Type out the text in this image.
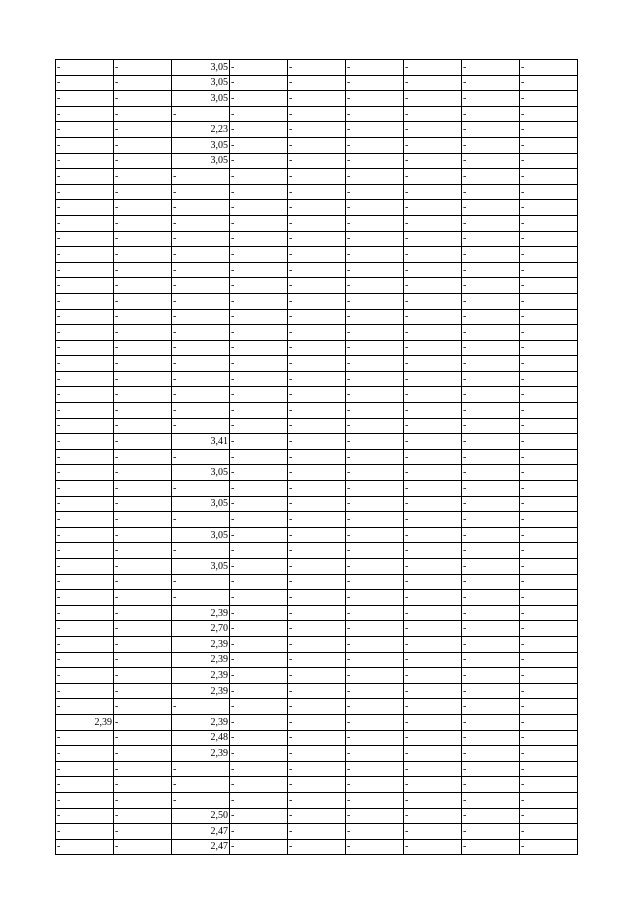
-	-	3,05	-	-	-	-	-	-
-	-	3,05	-	-	-	-	-	-
-	-	3,05	-	-	-	-	-	-
-	-	-	-	-	-	-	-	-
-	-	2,23	-	-	-	-	-	-
-	-	3,05	-	-	-	-	-	-
-	-	3,05	-	-	-	-	-	-
-	-	-	-	-	-	-	-	-
-	-	-	-	-	-	-	-	-
-	-	-	-	-	-	-	-	-
-	-	-	-	-	-	-	-	-
-	-	-	-	-	-	-	-	-
-	-	-	-	-	-	-	-	-
-	-	-	-	-	-	-	-	-
-	-	-	-	-	-	-	-	-
-	-	-	-	-	-	-	-	-
-	-	-	-	-	-	-	-	-
-	-	-	-	-	-	-	-	-
-	-	-	-	-	-	-	-	-
-	-	-	-	-	-	-	-	-
-	-	-	-	-	-	-	-	-
-	-	-	-	-	-	-	-	-
-	-	-	-	-	-	-	-	-
-	-	-	-	-	-	-	-	-
-	-	3,41	-	-	-	-	-	-
-	-	-	-	-	-	-	-	-
-	-	3,05	-	-	-	-	-	-
-	-	-	-	-	-	-	-	-
-	-	3,05	-	-	-	-	-	-
-	-	-	-	-	-	-	-	-
-	-	3,05	-	-	-	-	-	-
-	-	-	-	-	-	-	-	-
-	-	3,05	-	-	-	-	-	-
-	-	-	-	-	-	-	-	-
-	-	-	-	-	-	-	-	-
-	-	2,39	-	-	-	-	-	-
-	-	2,70	-	-	-	-	-	-
-	-	2,39	-	-	-	-	-	-
-	-	2,39	-	-	-	-	-	-
-	-	2,39	-	-	-	-	-	-
-	-	2,39	-	-	-	-	-	-
-	-	-	-	-	-	-	-	-
2,39	-	2,39	-	-	-	-	-	-
-	-	2,48	-	-	-	-	-	-
-	-	2,39	-	-	-	-	-	-
-	-	-	-	-	-	-	-	-
-	-	-	-	-	-	-	-	-
-	-	-	-	-	-	-	-	-
-	-	2,50	-	-	-	-	-	-
-	-	2,47	-	-	-	-	-	-
-	-	2,47	-	-	-	-	-	-
